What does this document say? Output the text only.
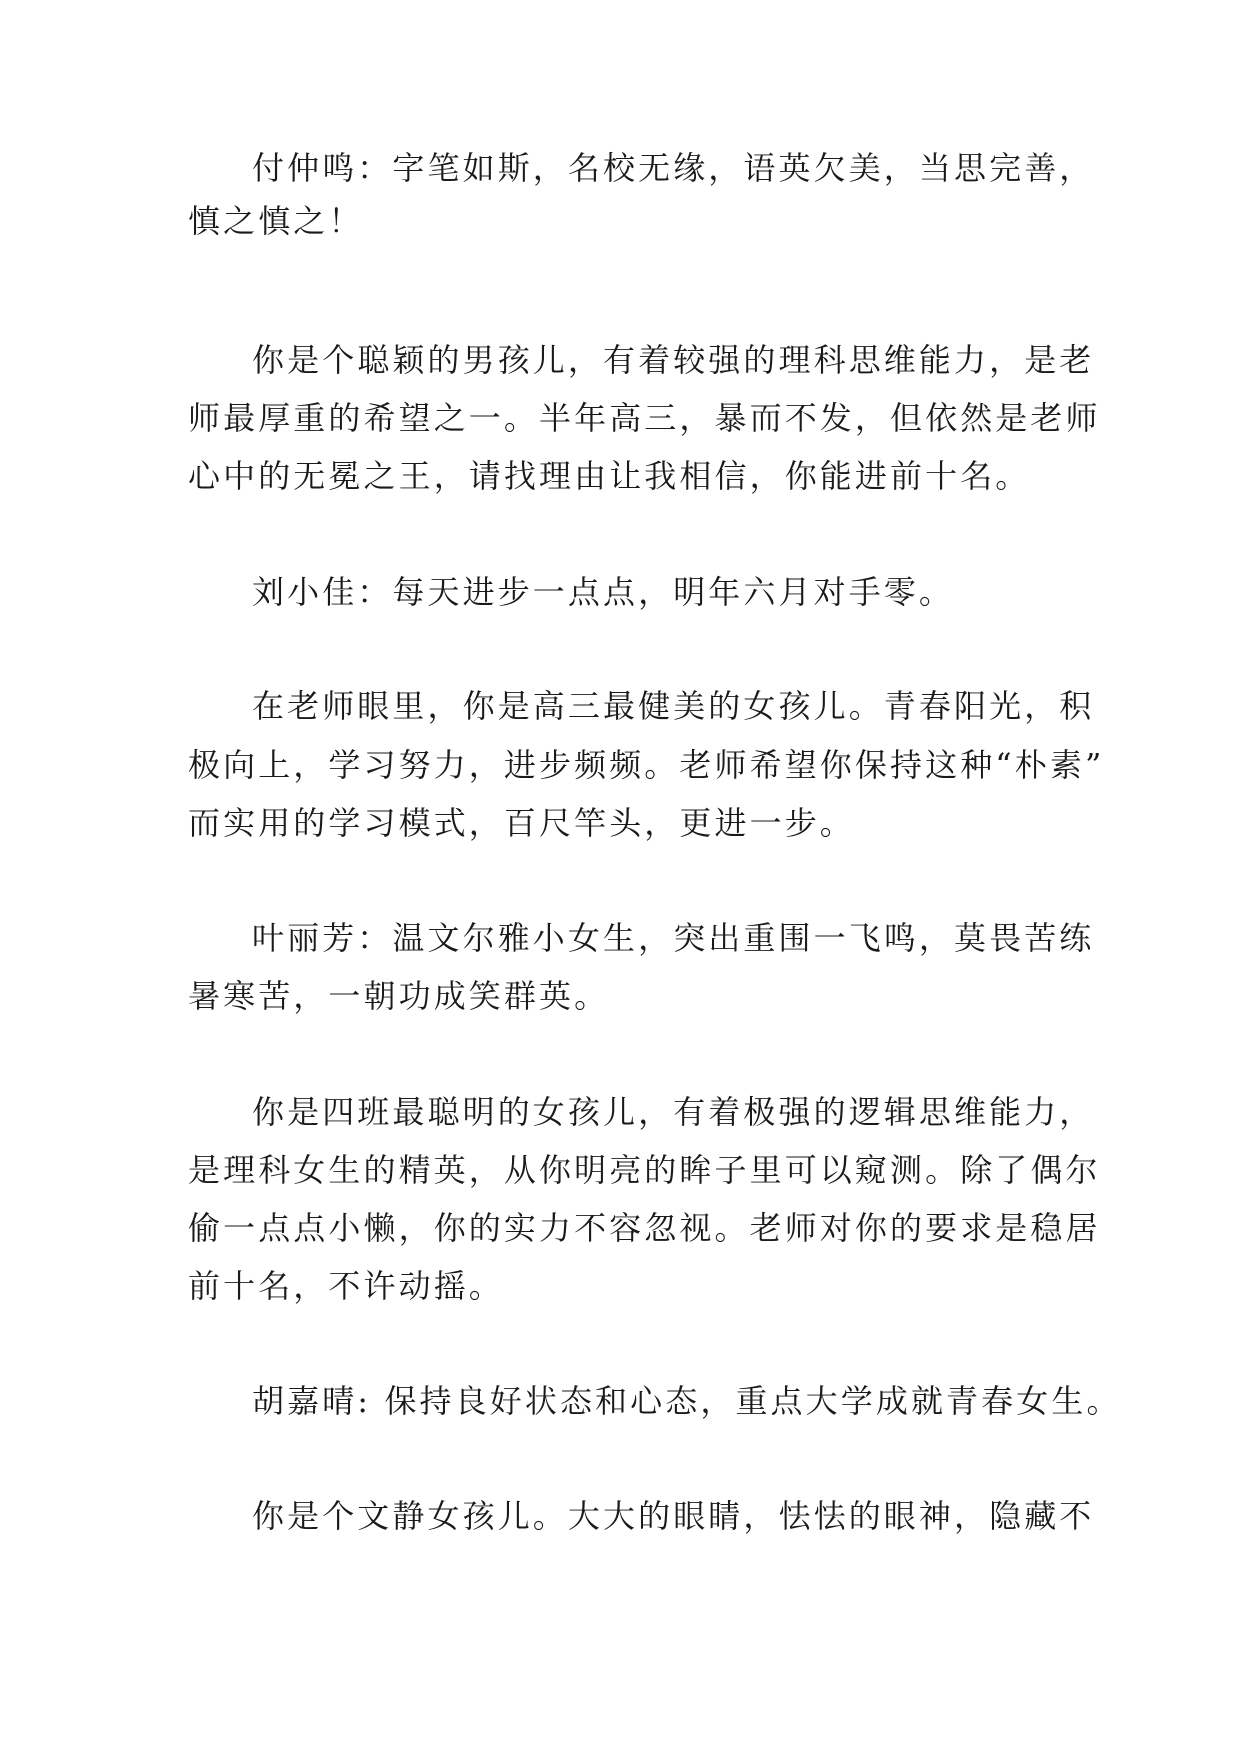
付仲鸣：字笔如斯，名校无缘，语英欠美，当思完善，
慎之慎之！
你是个聪颖的男孩儿，有着较强的理科思维能力，是老
师最厚重的希望之一。半年高三，暴而不发，但依然是老师
心中的无冕之王，请找理由让我相信，你能进前十名。
刘小佳：每天进步一点点，明年六月对手零。
在老师眼里，你是高三最健美的女孩儿。青春阳光，积
极向上，学习努力，进步频频。老师希望你保持这种“朴素”
而实用的学习模式，百尺竿头，更进一步。
叶丽芳：温文尔雅小女生，突出重围一飞鸣，莫畏苦练
暑寒苦，一朝功成笑群英。
你是四班最聪明的女孩儿，有着极强的逻辑思维能力，
是理科女生的精英，从你明亮的眸子里可以窥测。除了偶尔
偷一点点小懒，你的实力不容忽视。老师对你的要求是稳居
前十名，不许动摇。
胡嘉晴: 保持良好状态和心态，重点大学成就青春女生。
你是个文静女孩儿。大大的眼睛，怯怯的眼神，隐藏不
